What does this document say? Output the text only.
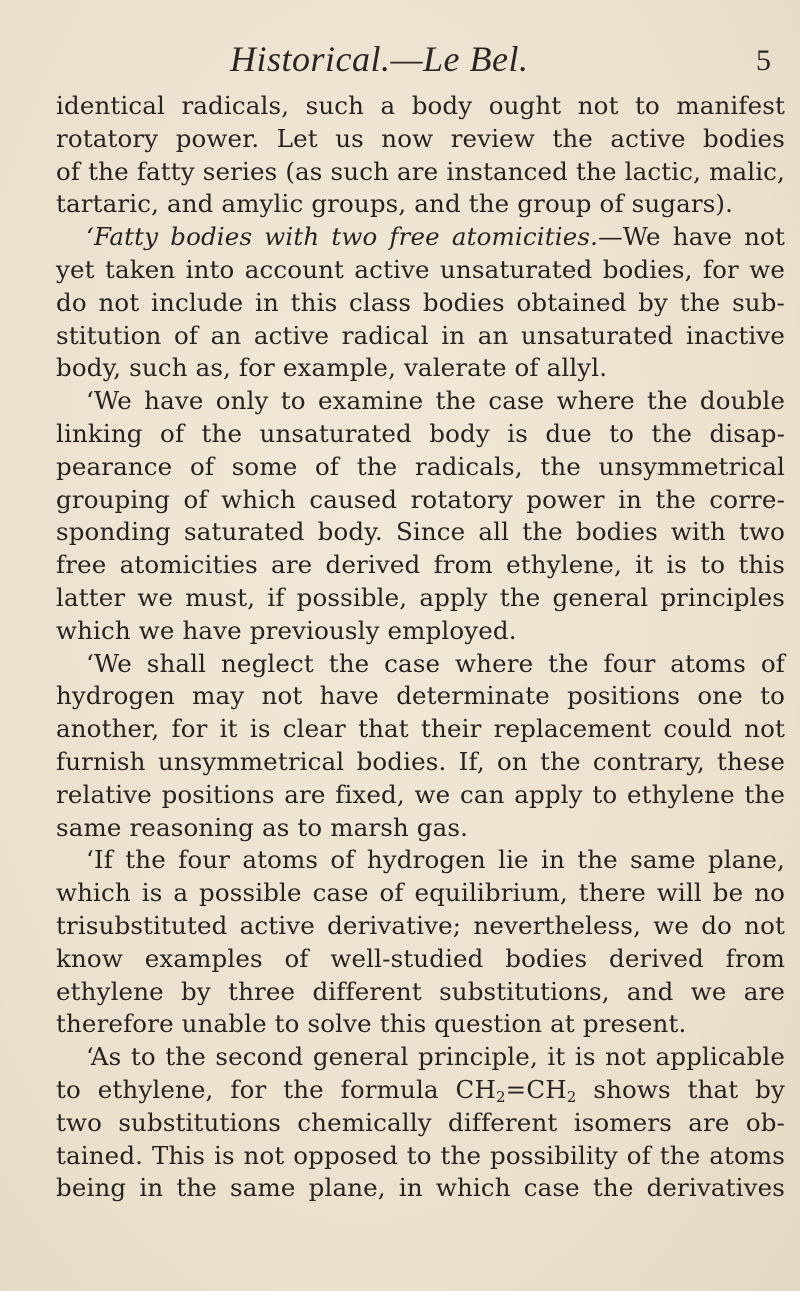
Historical.—Le Bel.	5
identical radicals, such a body ought not to manifest
rotatory power. Let us now review the active bodies
of the fatty series (as such are instanced the lactic, malic,
tartaric, and amylic groups, and the group of sugars).
‘Fatty bodies with two free atomicities.—We have not
yet taken into account active unsaturated bodies, for we
do not include in this class bodies obtained by the sub-
stitution of an active radical in an unsaturated inactive
body, such as, for example, valerate of allyl.
‘We have only to examine the case where the double
linking of the unsaturated body is due to the disap-
pearance of some of the radicals, the unsymmetrical
grouping of which caused rotatory power in the corre-
sponding saturated body. Since all the bodies with two
free atomicities are derived from ethylene, it is to this
latter we must, if possible, apply the general principles
which we have previously employed.
‘We shall neglect the case where the four atoms of
hydrogen may not have determinate positions one to
another, for it is clear that their replacement could not
furnish unsymmetrical bodies. If, on the contrary, these
relative positions are fixed, we can apply to ethylene the
same reasoning as to marsh gas.
‘If the four atoms of hydrogen lie in the same plane,
which is a possible case of equilibrium, there will be no
trisubstituted active derivative; nevertheless, we do not
know examples of well-studied bodies derived from
ethylene by three different substitutions, and we are
therefore unable to solve this question at present.
‘As to the second general principle, it is not applicable
to ethylene, for the formula $CH_2=CH_2$ shows that by
two substitutions chemically different isomers are ob-
tained. This is not opposed to the possibility of the atoms
being in the same plane, in which case the derivatives
